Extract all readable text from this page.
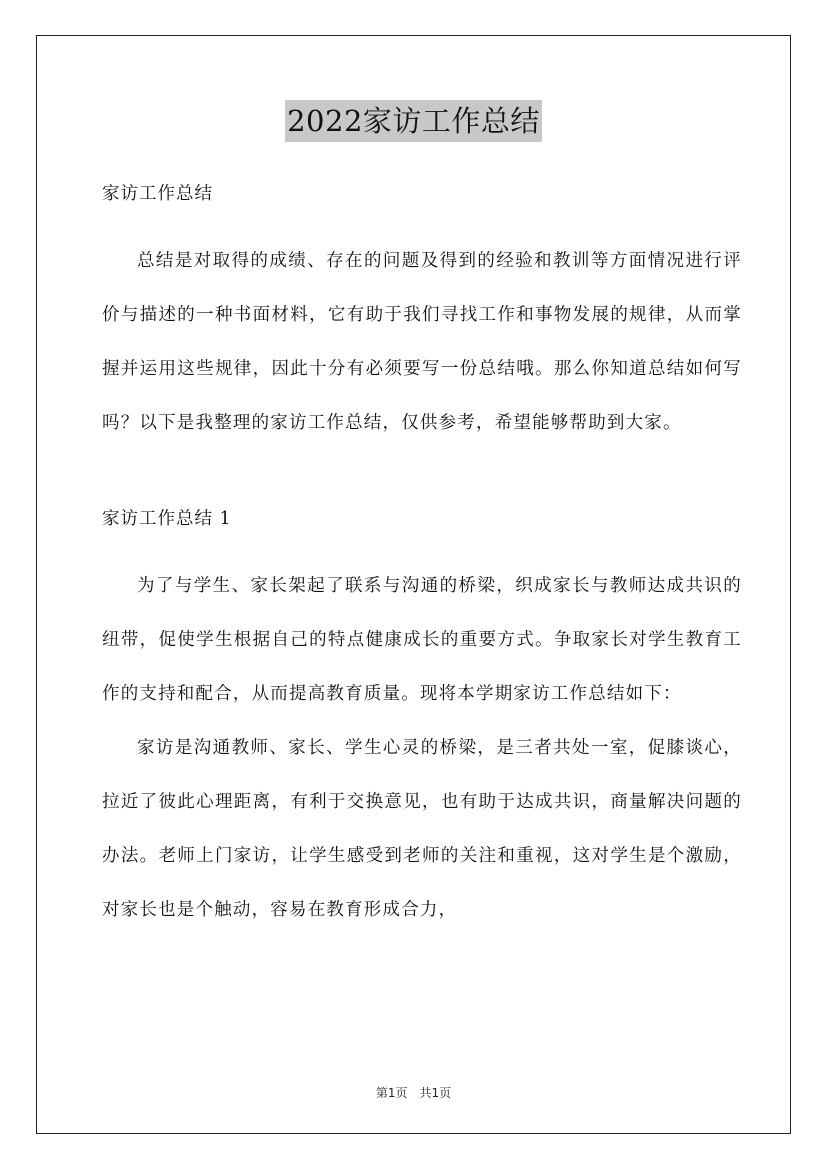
2022家访工作总结

家访工作总结

总结是对取得的成绩、存在的问题及得到的经验和教训等方面情况进行评价与描述的一种书面材料，它有助于我们寻找工作和事物发展的规律，从而掌握并运用这些规律，因此十分有必须要写一份总结哦。那么你知道总结如何写吗？以下是我整理的家访工作总结，仅供参考，希望能够帮助到大家。

家访工作总结 1

为了与学生、家长架起了联系与沟通的桥梁，织成家长与教师达成共识的纽带，促使学生根据自己的特点健康成长的重要方式。争取家长对学生教育工作的支持和配合，从而提高教育质量。现将本学期家访工作总结如下：

家访是沟通教师、家长、学生心灵的桥梁，是三者共处一室，促膝谈心，拉近了彼此心理距离，有利于交换意见，也有助于达成共识，商量解决问题的办法。老师上门家访，让学生感受到老师的关注和重视，这对学生是个激励，对家长也是个触动，容易在教育形成合力，

第1页 共1页
